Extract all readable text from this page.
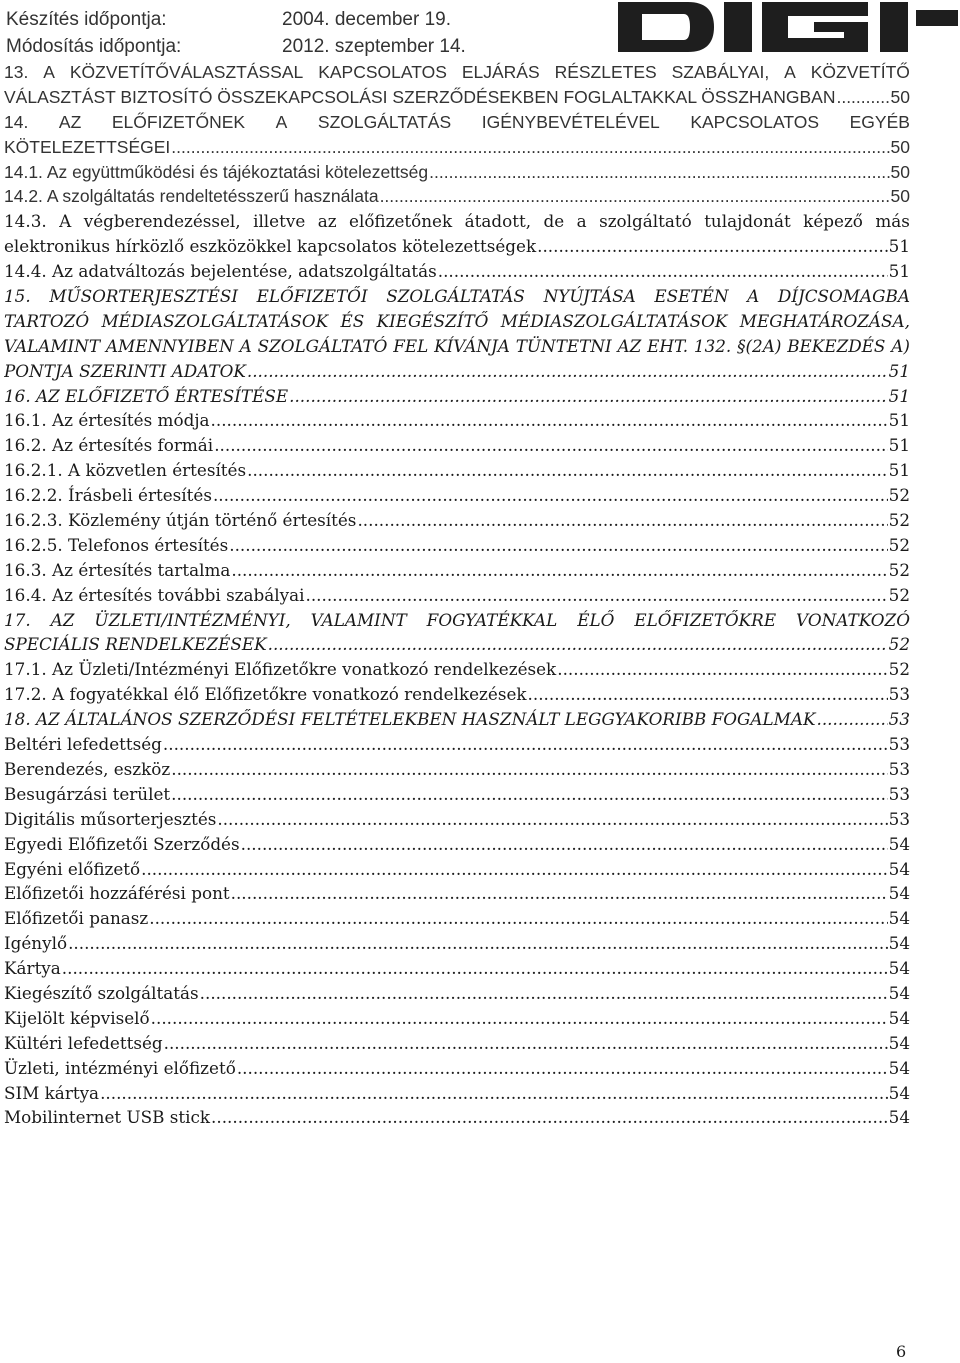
Készítés időpontja:	2004. december 19.
Módosítás időpontja:	2012. szeptember 14.
13. A KÖZVETÍTŐVÁLASZTÁSSAL KAPCSOLATOS ELJÁRÁS RÉSZLETES SZABÁLYAI, A KÖZVETÍTŐ
VÁLASZTÁST BIZTOSÍTÓ ÖSSZEKAPCSOLÁSI SZERZŐDÉSEKBEN FOGLALTAKKAL ÖSSZHANGBAN .....	50
14. AZ ELŐFIZETŐNEK A SZOLGÁLTATÁS IGÉNYBEVÉTELÉVEL KAPCSOLATOS EGYÉB
KÖTELEZETTSÉGEI .....	50
14.1. Az együttműködési és tájékoztatási kötelezettség .....	50
14.2. A szolgáltatás rendeltetésszerű használata .....	50
14.3. A végberendezéssel, illetve az előfizetőnek átadott, de a szolgáltató tulajdonát képező más
elektronikus hírközlő eszközökkel kapcsolatos kötelezettségek .....	51
14.4. Az adatváltozás bejelentése, adatszolgáltatás .....	51
15. MŰSORTERJESZTÉSI ELŐFIZETŐI SZOLGÁLTATÁS NYÚJTÁSA ESETÉN A DÍJCSOMAGBA
TARTOZÓ MÉDIASZOLGÁLTATÁSOK ÉS KIEGÉSZÍTŐ MÉDIASZOLGÁLTATÁSOK MEGHATÁROZÁSA,
VALAMINT AMENNYIBEN A SZOLGÁLTATÓ FEL KÍVÁNJA TÜNTETNI AZ EHT. 132. §(2A) BEKEZDÉS A)
PONTJA SZERINTI ADATOK .....	51
16. AZ ELŐFIZETŐ ÉRTESÍTÉSE .....	51
16.1. Az értesítés módja .....	51
16.2. Az értesítés formái .....	51
16.2.1. A közvetlen értesítés .....	51
16.2.2. Írásbeli értesítés .....	52
16.2.3. Közlemény útján történő értesítés .....	52
16.2.5. Telefonos értesítés .....	52
16.3. Az értesítés tartalma .....	52
16.4. Az értesítés további szabályai .....	52
17. AZ ÜZLETI/INTÉZMÉNYI, VALAMINT FOGYATÉKKAL ÉLŐ ELŐFIZETŐKRE VONATKOZÓ
SPECIÁLIS RENDELKEZÉSEK .....	52
17.1. Az Üzleti/Intézményi Előfizetőkre vonatkozó rendelkezések .....	52
17.2. A fogyatékkal élő Előfizetőkre vonatkozó rendelkezések .....	53
18. AZ ÁLTALÁNOS SZERZŐDÉSI FELTÉTELEKBEN HASZNÁLT LEGGYAKORIBB FOGALMAK .....	53
Beltéri lefedettség .....	53
Berendezés, eszköz .....	53
Besugárzási terület .....	53
Digitális műsorterjesztés .....	53
Egyedi Előfizetői Szerződés .....	54
Egyéni előfizető .....	54
Előfizetői hozzáférési pont .....	54
Előfizetői panasz .....	54
Igénylő .....	54
Kártya .....	54
Kiegészítő szolgáltatás .....	54
Kijelölt képviselő .....	54
Kültéri lefedettség .....	54
Üzleti, intézményi előfizető .....	54
SIM kártya .....	54
Mobilinternet USB stick .....	54
6
